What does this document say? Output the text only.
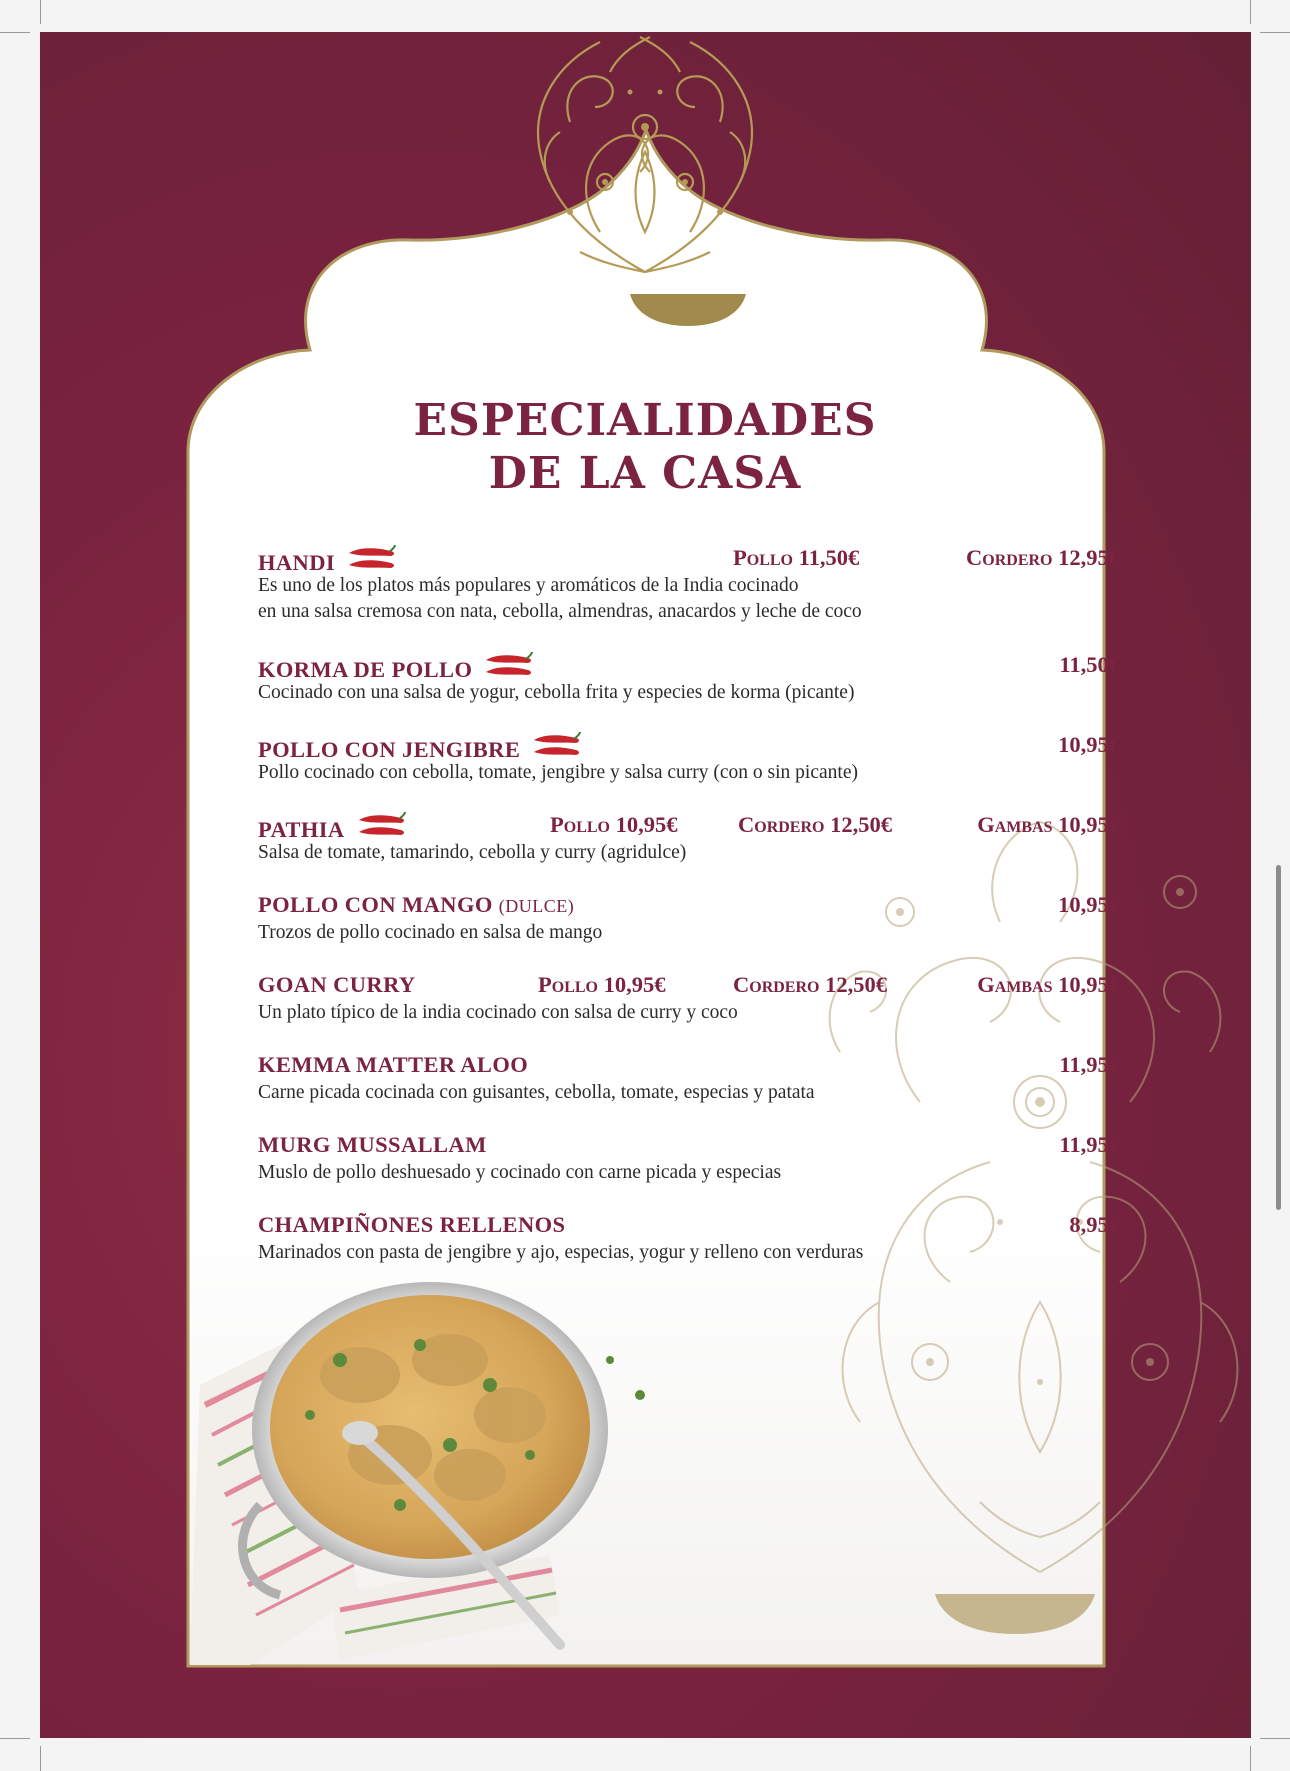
ESPECIALIDADES
DE LA CASA
HANDI	Pollo 11,50€	Cordero 12,95€
Es uno de los platos más populares y aromáticos de la India cocinado
en una salsa cremosa con nata, cebolla, almendras, anacardos y leche de coco
KORMA DE POLLO	11,50€
Cocinado con una salsa de yogur, cebolla frita y especies de korma (picante)
POLLO CON JENGIBRE	10,95€
Pollo cocinado con cebolla, tomate, jengibre y salsa curry (con o sin picante)
PATHIA	Pollo 10,95€	Cordero 12,50€	Gambas 10,95€
Salsa de tomate, tamarindo, cebolla y curry (agridulce)
POLLO CON MANGO (DULCE)	10,95€
Trozos de pollo cocinado en salsa de mango
GOAN CURRY	Pollo 10,95€	Cordero 12,50€	Gambas 10,95€
Un plato típico de la india cocinado con salsa de curry y coco
KEMMA MATTER ALOO	11,95€
Carne picada cocinada con guisantes, cebolla, tomate, especias y patata
MURG MUSSALLAM	11,95€
Muslo de pollo deshuesado y cocinado con carne picada y especias
CHAMPIÑONES RELLENOS	8,95€
Marinados con pasta de jengibre y ajo, especias, yogur y relleno con verduras
